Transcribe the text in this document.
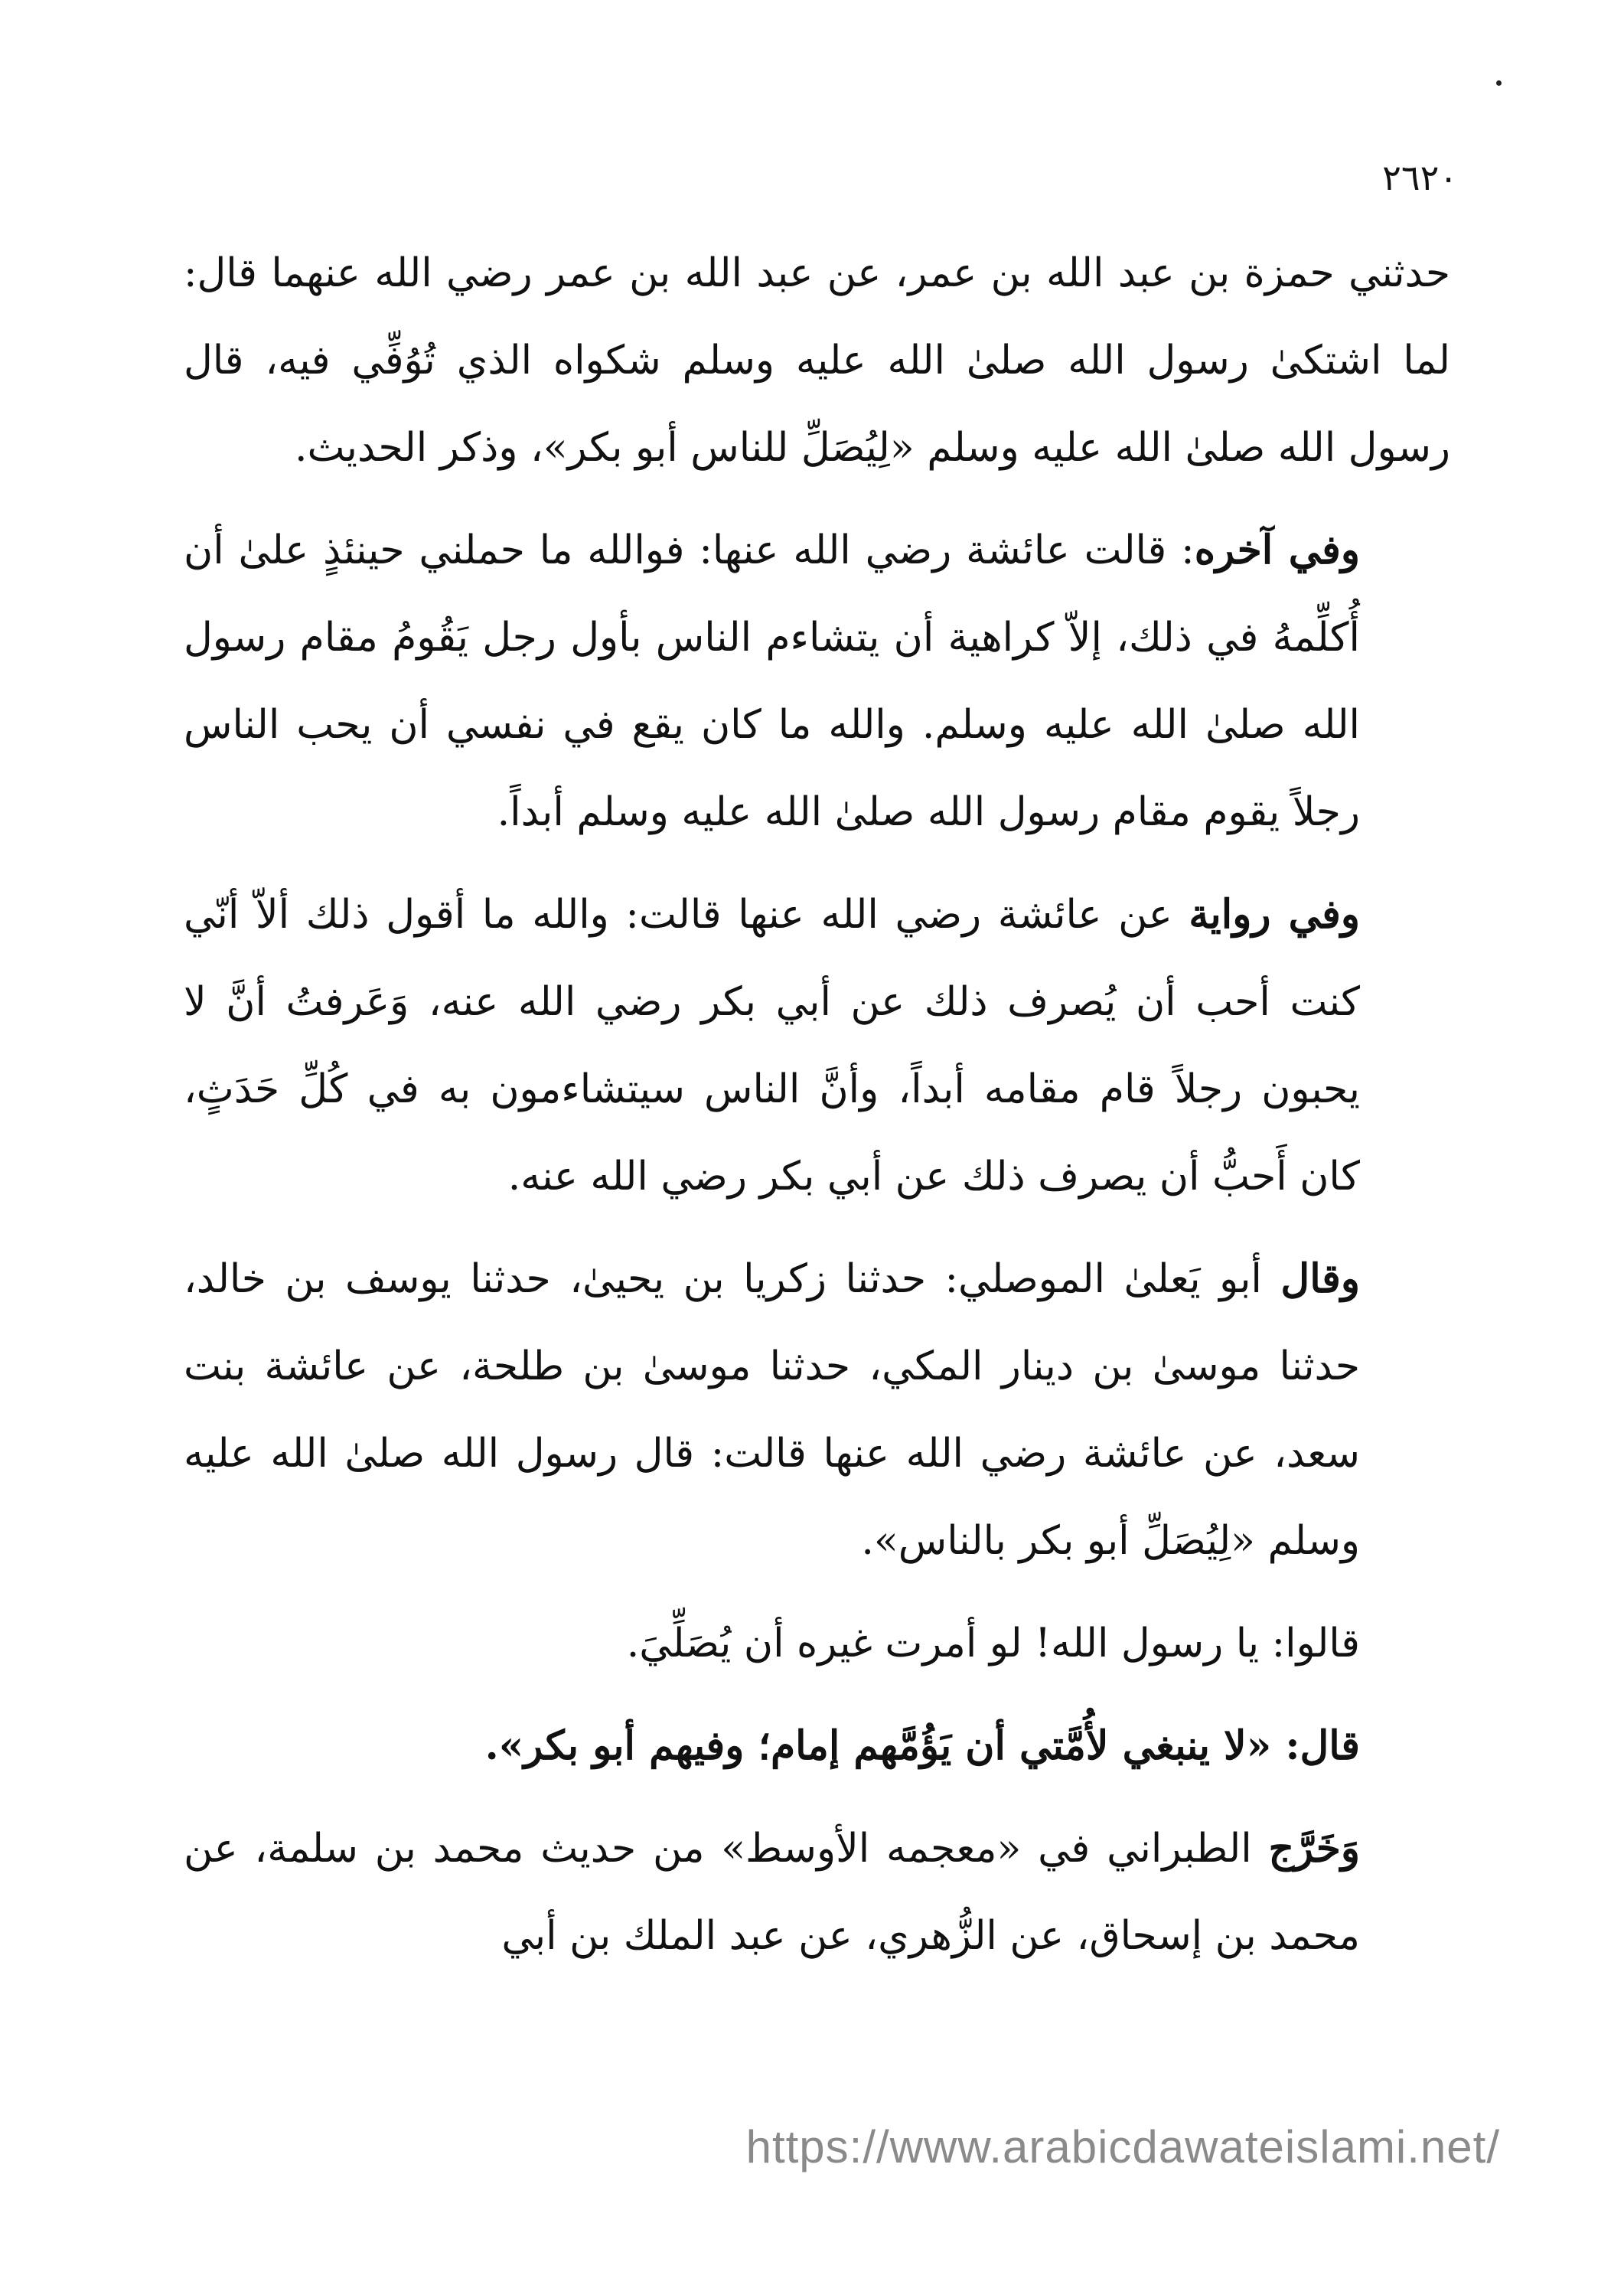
٢٦٢٠

حدثني حمزة بن عبد الله بن عمر، عن عبد الله بن عمر رضي الله عنهما قال: لما اشتكىٰ رسول الله صلىٰ الله عليه وسلم شكواه الذي تُوُفِّي فيه، قال رسول الله صلىٰ الله عليه وسلم «لِيُصَلِّ للناس أبو بكر»، وذكر الحديث.

وفي آخره: قالت عائشة رضي الله عنها: فوالله ما حملني حينئذٍ علىٰ أن أُكلِّمهُ في ذلك، إلاّ كراهية أن يتشاءم الناس بأول رجل يَقُومُ مقام رسول الله صلىٰ الله عليه وسلم. والله ما كان يقع في نفسي أن يحب الناس رجلاً يقوم مقام رسول الله صلىٰ الله عليه وسلم أبداً.

وفي رواية عن عائشة رضي الله عنها قالت: والله ما أقول ذلك ألاّ أنّي كنت أحب أن يُصرف ذلك عن أبي بكر رضي الله عنه، وَعَرفتُ أنَّ لا يحبون رجلاً قام مقامه أبداً، وأنَّ الناس سيتشاءمون به في كُلِّ حَدَثٍ، كان أَحبُّ أن يصرف ذلك عن أبي بكر رضي الله عنه.

وقال أبو يَعلىٰ الموصلي: حدثنا زكريا بن يحيىٰ، حدثنا يوسف بن خالد، حدثنا موسىٰ بن دينار المكي، حدثنا موسىٰ بن طلحة، عن عائشة بنت سعد، عن عائشة رضي الله عنها قالت: قال رسول الله صلىٰ الله عليه وسلم «لِيُصَلِّ أبو بكر بالناس».

قالوا: يا رسول الله! لو أمرت غيره أن يُصَلِّيَ.

قال: «لا ينبغي لأُمَّتي أن يَؤُمَّهم إمام؛ وفيهم أبو بكر».

وَخَرَّج الطبراني في «معجمه الأوسط» من حديث محمد بن سلمة، عن محمد بن إسحاق، عن الزُّهري، عن عبد الملك بن أبي

https://www.arabicdawateislami.net/
